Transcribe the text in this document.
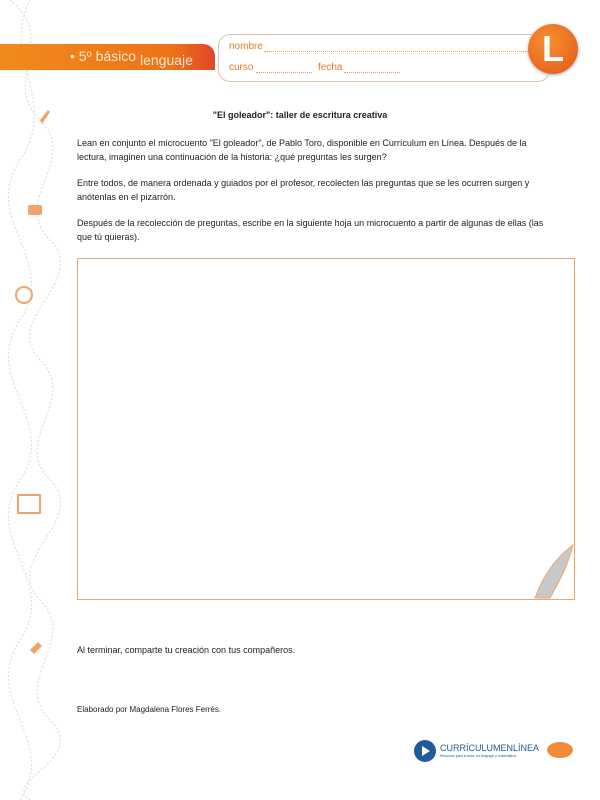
lenguaje
• 5º básico
nombre
curso	fecha	L
"El goleador": taller de escritura creativa
Lean en conjunto el microcuento "El goleador", de Pablo Toro, disponible en Currículum en Línea. Después de la lectura, imaginen una continuación de la historia: ¿qué preguntas les surgen?
Entre todos, de manera ordenada y guiados por el profesor, recolecten las preguntas que se les ocurren surgen y anótenlas en el pizarrón.
Después de la recolección de preguntas, escribe en la siguiente hoja un microcuento a partir de algunas de ellas (las que tú quieras).
Al terminar, comparte tu creación con tus compañeros.
Elaborado por Magdalena Flores Ferrés.
CURRÍCULUMENLÍNEA
Recursos para el aula, en lenguaje y matemática
